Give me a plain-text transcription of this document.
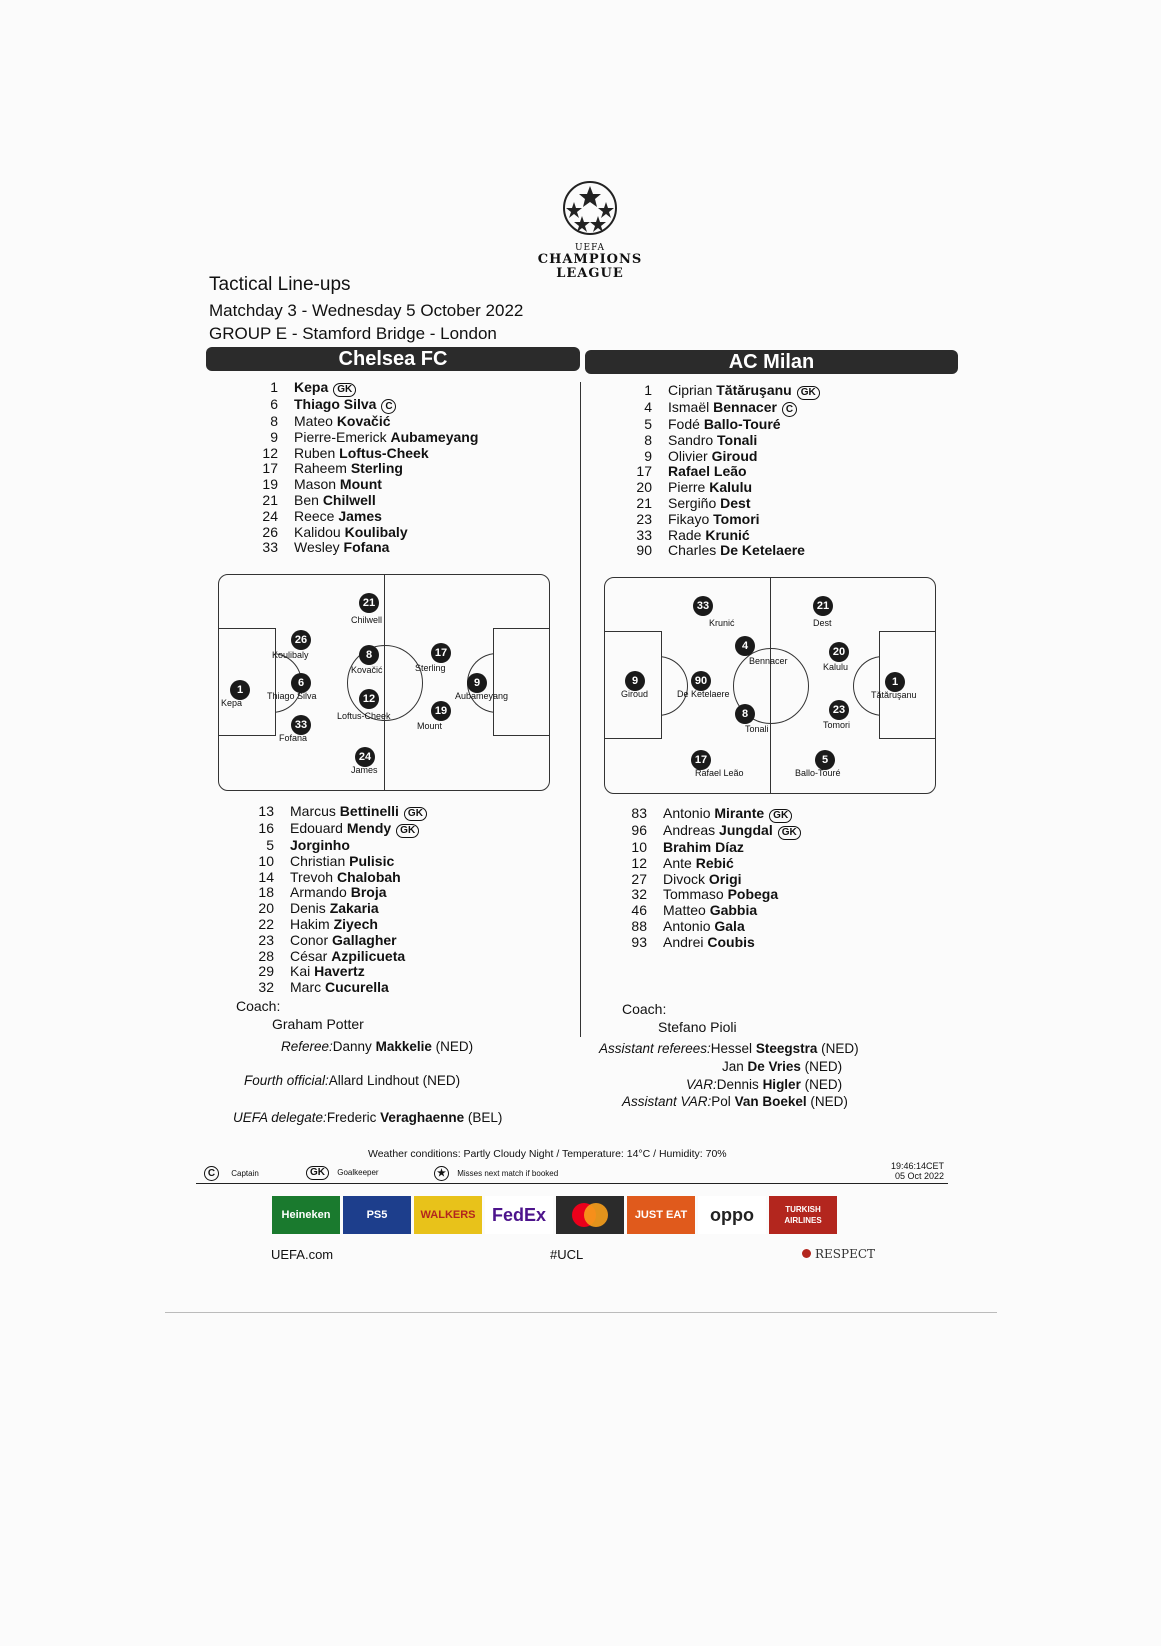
UEFA
CHAMPIONS
LEAGUE
Tactical Line-ups
Matchday 3 - Wednesday 5 October 2022
GROUP E - Stamford Bridge - London
Chelsea FC	AC Milan
1	Kepa GK
6	Thiago Silva C
8	Mateo Kovačić
9	Pierre-Emerick Aubameyang
12	Ruben Loftus-Cheek
17	Raheem Sterling
19	Mason Mount
21	Ben Chilwell
24	Reece James
26	Kalidou Koulibaly
33	Wesley Fofana
1	Ciprian Tătăruşanu GK
4	Ismaël Bennacer C
5	Fodé Ballo-Touré
8	Sandro Tonali
9	Olivier Giroud
17	Rafael Leão
20	Pierre Kalulu
21	Sergiño Dest
23	Fikayo Tomori
33	Rade Krunić
90	Charles De Ketelaere
1
Kepa
26
Koulibaly
6
Thiago Silva
33
Fofana
21
Chilwell
8
Kovačić
12
Loftus-Cheek
24
James
17
Sterling
19
Mount
9
Aubameyang
9
Giroud
90
De Ketelaere
33
Krunić
17
Rafael Leão
4
Bennacer
8
Tonali
21
Dest
20
Kalulu
23
Tomori
5
Ballo-Touré
1
Tătăruşanu
13	Marcus Bettinelli GK
16	Edouard Mendy GK
5	Jorginho
10	Christian Pulisic
14	Trevoh Chalobah
18	Armando Broja
20	Denis Zakaria
22	Hakim Ziyech
23	Conor Gallagher
28	César Azpilicueta
29	Kai Havertz
32	Marc Cucurella
83	Antonio Mirante GK
96	Andreas Jungdal GK
10	Brahim Díaz
12	Ante Rebić
27	Divock Origi
32	Tommaso Pobega
46	Matteo Gabbia
88	Antonio Gala
93	Andrei Coubis
Coach:
Graham Potter
Coach:
Stefano Pioli
Referee:Danny Makkelie (NED)
Fourth official:Allard Lindhout (NED)
UEFA delegate:Frederic Veraghaenne (BEL)
Assistant referees:Hessel Steegstra (NED)
Jan De Vries (NED)
VAR:Dennis Higler (NED)
Assistant VAR:Pol Van Boekel (NED)
Weather conditions: Partly Cloudy Night / Temperature: 14°C / Humidity: 70%
C Captain	GK Goalkeeper	★ Misses next match if booked
19:46:14CET
05 Oct 2022
Heineken	PS5	WALKERS FedEx	JUST EAT	oppo	TURKISH AIRLINES
UEFA.com	#UCL	RESPECT
